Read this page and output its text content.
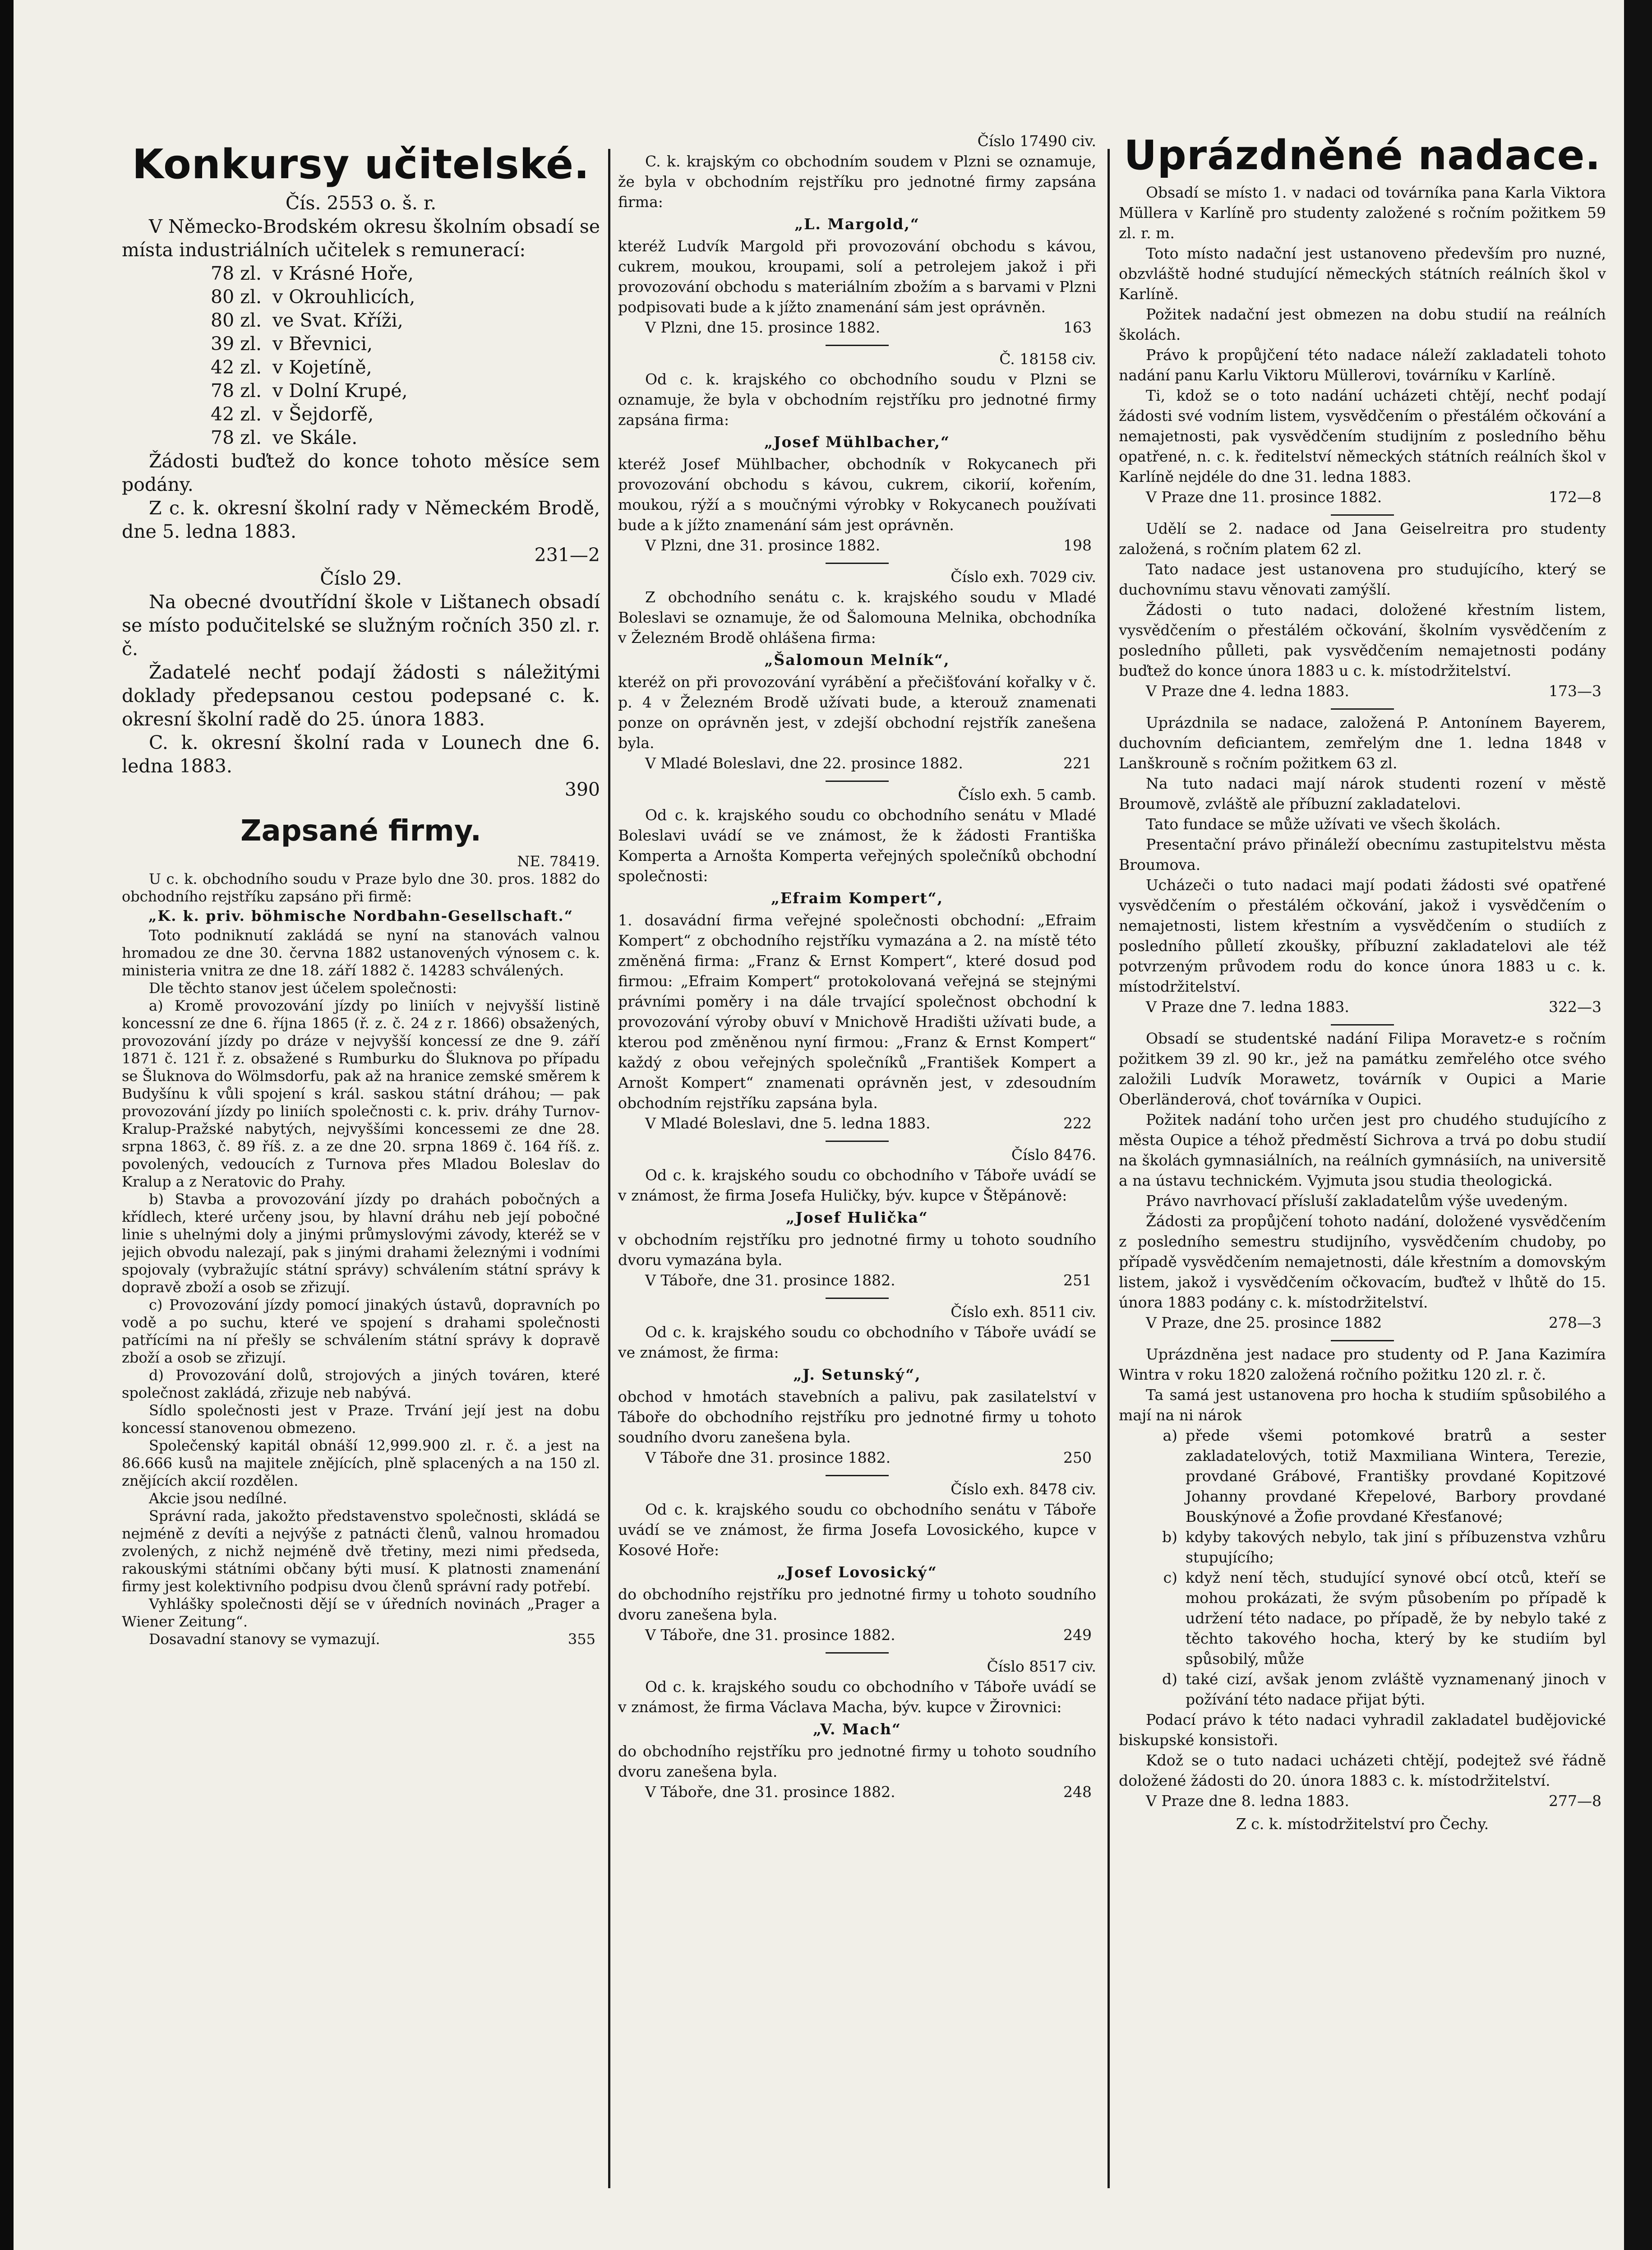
Konkursy učitelské.

Čís. 2553 o. š. r.

V Německo-Brodském okresu školním obsadí se místa industriálních učitelek s remunerací:

78 zl. v Krásné Hoře,
80 zl. v Okrouhlicích,
80 zl. ve Svat. Kříži,
39 zl. v Břevnici,
42 zl. v Kojetíně,
78 zl. v Dolní Krupé,
42 zl. v Šejdorfě,
78 zl. ve Skále.

Žádosti buďtež do konce tohoto měsíce sem podány.

Z c. k. okresní školní rady v Německém Brodě, dne 5. ledna 1883.

231—2

Číslo 29.

Na obecné dvoutřídní škole v Lištanech obsadí se místo podučitelské se služným ročních 350 zl. r. č.

Žadatelé nechť podají žádosti s náležitými doklady předepsanou cestou podepsané c. k. okresní školní radě do 25. února 1883.

C. k. okresní školní rada v Lounech dne 6. ledna 1883.

390

Zapsané firmy.

NE. 78419.

U c. k. obchodního soudu v Praze bylo dne 30. pros. 1882 do obchodního rejstříku zapsáno při firmě:

„K. k. priv. böhmische Nordbahn-Gesellschaft.“

Toto podniknutí zakládá se nyní na stanovách valnou hromadou ze dne 30. června 1882 ustanovených výnosem c. k. ministeria vnitra ze dne 18. září 1882 č. 14283 schválených.

Dle těchto stanov jest účelem společnosti:

a) Kromě provozování jízdy po liniích v nejvyšší listině koncessní ze dne 6. října 1865 (ř. z. č. 24 z r. 1866) obsažených, provozování jízdy po dráze v nejvyšší koncessí ze dne 9. září 1871 č. 121 ř. z. obsažené s Rumburku do Šluknova po případu se Šluknova do Wölmsdorfu, pak až na hranice zemské směrem k Budyšínu k vůli spojení s král. saskou státní dráhou; — pak provozování jízdy po liniích společnosti c. k. priv. dráhy Turnov-Kralup-Pražské nabytých, nejvyššími koncessemi ze dne 28. srpna 1863, č. 89 říš. z. a ze dne 20. srpna 1869 č. 164 říš. z. povolených, vedoucích z Turnova přes Mladou Boleslav do Kralup a z Neratovic do Prahy.

b) Stavba a provozování jízdy po drahách pobočných a křídlech, které určeny jsou, by hlavní dráhu neb její pobočné linie s uhelnými doly a jinými průmyslovými závody, kteréž se v jejich obvodu nalezají, pak s jinými drahami železnými i vodními spojovaly (vybražujíc státní správy) schválením státní správy k dopravě zboží a osob se zřizují.

c) Provozování jízdy pomocí jinakých ústavů, dopravních po vodě a po suchu, které ve spojení s drahami společnosti patřícími na ní přešly se schválením státní správy k dopravě zboží a osob se zřizují.

d) Provozování dolů, strojových a jiných továren, které společnost zakládá, zřizuje neb nabývá.

Sídlo společnosti jest v Praze. Trvání její jest na dobu koncessí stanovenou obmezeno.

Společenský kapitál obnáší 12,999.900 zl. r. č. a jest na 86.666 kusů na majitele znějících, plně splacených a na 150 zl. znějících akcií rozdělen.

Akcie jsou nedílné.

Správní rada, jakožto představenstvo společnosti, skládá se nejméně z devíti a nejvýše z patnácti členů, valnou hromadou zvolených, z nichž nejméně dvě třetiny, mezi nimi předseda, rakouskými státními občany býti musí. K platnosti znamenání firmy jest kolektivního podpisu dvou členů správní rady potřebí.

Vyhlášky společnosti dějí se v úředních novinách „Prager a Wiener Zeitung“.

Dosavadní stanovy se vymazují.	355

Číslo 17490 civ.

C. k. krajským co obchodním soudem v Plzni se oznamuje, že byla v obchodním rejstříku pro jednotné firmy zapsána firma:

„L. Margold,“

kteréž Ludvík Margold při provozování obchodu s kávou, cukrem, moukou, kroupami, solí a petrolejem jakož i při provozování obchodu s materiálním zbožím a s barvami v Plzni podpisovati bude a k jížto znamenání sám jest oprávněn.

V Plzni, dne 15. prosince 1882.	163

Č. 18158 civ.

Od c. k. krajského co obchodního soudu v Plzni se oznamuje, že byla v obchodním rejstříku pro jednotné firmy zapsána firma:

„Josef Mühlbacher,“

kteréž Josef Mühlbacher, obchodník v Rokycanech při provozování obchodu s kávou, cukrem, cikorií, kořením, moukou, rýží a s moučnými výrobky v Rokycanech používati bude a k jížto znamenání sám jest oprávněn.

V Plzni, dne 31. prosince 1882.	198

Číslo exh. 7029 civ.

Z obchodního senátu c. k. krajského soudu v Mladé Boleslavi se oznamuje, že od Šalomouna Melnika, obchodníka v Železném Brodě ohlášena firma:

„Šalomoun Melník“,

kteréž on při provozování vyrábění a přečišťování kořalky v č. p. 4 v Železném Brodě užívati bude, a kterouž znamenati ponze on oprávněn jest, v zdejší obchodní rejstřík zanešena byla.

V Mladé Boleslavi, dne 22. prosince 1882.	221

Číslo exh. 5 camb.

Od c. k. krajského soudu co obchodního senátu v Mladé Boleslavi uvádí se ve známost, že k žádosti Františka Komperta a Arnošta Komperta veřejných společníků obchodní společnosti:

„Efraim Kompert“,

1. dosavádní firma veřejné společnosti obchodní: „Efraim Kompert“ z obchodního rejstříku vymazána a 2. na místě této změněná firma: „Franz & Ernst Kompert“, které dosud pod firmou: „Efraim Kompert“ protokolovaná veřejná se stejnými právními poměry i na dále trvající společnost obchodní k provozování výroby obuví v Mnichově Hradišti užívati bude, a kterou pod změněnou nyní firmou: „Franz & Ernst Kompert“ každý z obou veřejných společníků „František Kompert a Arnošt Kompert“ znamenati oprávněn jest, v zdesoudním obchodním rejstříku zapsána byla.

V Mladé Boleslavi, dne 5. ledna 1883.	222

Číslo 8476.

Od c. k. krajského soudu co obchodního v Táboře uvádí se v známost, že firma Josefa Huličky, býv. kupce v Štěpánově:

„Josef Hulička“

v obchodním rejstříku pro jednotné firmy u tohoto soudního dvoru vymazána byla.

V Táboře, dne 31. prosince 1882.	251

Číslo exh. 8511 civ.

Od c. k. krajského soudu co obchodního v Táboře uvádí se ve známost, že firma:

„J. Setunský“,

obchod v hmotách stavebních a palivu, pak zasilatelství v Táboře do obchodního rejstříku pro jednotné firmy u tohoto soudního dvoru zanešena byla.

V Táboře dne 31. prosince 1882.	250

Číslo exh. 8478 civ.

Od c. k. krajského soudu co obchodního senátu v Táboře uvádí se ve známost, že firma Josefa Lovosického, kupce v Kosové Hoře:

„Josef Lovosický“

do obchodního rejstříku pro jednotné firmy u tohoto soudního dvoru zanešena byla.

V Táboře, dne 31. prosince 1882.	249

Číslo 8517 civ.

Od c. k. krajského soudu co obchodního v Táboře uvádí se v známost, že firma Václava Macha, býv. kupce v Žirovnici:

„V. Mach“

do obchodního rejstříku pro jednotné firmy u tohoto soudního dvoru zanešena byla.

V Táboře, dne 31. prosince 1882.	248
Uprázdněné nadace.

Obsadí se místo 1. v nadaci od továrníka pana Karla Viktora Müllera v Karlíně pro studenty založené s ročním požitkem 59 zl. r. m.

Toto místo nadační jest ustanoveno především pro nuzné, obzvláště hodné studující německých státních reálních škol v Karlíně.

Požitek nadační jest obmezen na dobu studií na reálních školách.

Právo k propůjčení této nadace náleží zakladateli tohoto nadání panu Karlu Viktoru Müllerovi, továrníku v Karlíně.

Ti, kdož se o toto nadání ucházeti chtějí, nechť podají žádosti své vodním listem, vysvědčením o přestálém očkování a nemajetnosti, pak vysvědčením studijním z posledního běhu opatřené, n. c. k. ředitelství německých státních reálních škol v Karlíně nejdéle do dne 31. ledna 1883.

V Praze dne 11. prosince 1882.	172—8

Udělí se 2. nadace od Jana Geiselreitra pro studenty založená, s ročním platem 62 zl.

Tato nadace jest ustanovena pro studujícího, který se duchovnímu stavu věnovati zamýšlí.

Žádosti o tuto nadaci, doložené křestním listem, vysvědčením o přestálém očkování, školním vysvědčením z posledního půlleti, pak vysvědčením nemajetnosti podány buďtež do konce února 1883 u c. k. místodržitelství.

V Praze dne 4. ledna 1883.	173—3

Uprázdnila se nadace, založená P. Antonínem Bayerem, duchovním deficiantem, zemřelým dne 1. ledna 1848 v Lanškrouně s ročním požitkem 63 zl.

Na tuto nadaci mají nárok studenti rození v městě Broumově, zvláště ale příbuzní zakladatelovi.

Tato fundace se může užívati ve všech školách.

Presentační právo přináleží obecnímu zastupitelstvu města Broumova.

Ucházeči o tuto nadaci mají podati žádosti své opatřené vysvědčením o přestálém očkování, jakož i vysvědčením o nemajetnosti, listem křestním a vysvědčením o studiích z posledního půlletí zkoušky, příbuzní zakladatelovi ale též potvrzeným průvodem rodu do konce února 1883 u c. k. místodržitelství.

V Praze dne 7. ledna 1883.	322—3

Obsadí se studentské nadání Filipa Moravetz-e s ročním požitkem 39 zl. 90 kr., jež na památku zemřelého otce svého založili Ludvík Morawetz, továrník v Oupici a Marie Oberländerová, choť továrníka v Oupici.

Požitek nadání toho určen jest pro chudého studujícího z města Oupice a téhož předměstí Sichrova a trvá po dobu studií na školách gymnasiálních, na reálních gymnásiích, na universitě a na ústavu technickém. Vyjmuta jsou studia theologická.

Právo navrhovací přísluší zakladatelům výše uvedeným.

Žádosti za propůjčení tohoto nadání, doložené vysvědčením z posledního semestru studijního, vysvědčením chudoby, po případě vysvědčením nemajetnosti, dále křestním a domovským listem, jakož i vysvědčením očkovacím, buďtež v lhůtě do 15. února 1883 podány c. k. místodržitelství.

V Praze, dne 25. prosince 1882	278—3

Uprázdněna jest nadace pro studenty od P. Jana Kazimíra Wintra v roku 1820 založená ročního požitku 120 zl. r. č.

Ta samá jest ustanovena pro hocha k studiím spůsobilého a mají na ni nárok

a) přede všemi potomkové bratrů a sester zakladatelových, totiž Maxmiliana Wintera, Terezie, provdané Grábové, Františky provdané Kopitzové Johanny provdané Křepelové, Barbory provdané Bouskýnové a Žofie provdané Křesťanové;
b) kdyby takových nebylo, tak jiní s příbuzenstva vzhůru stupujícího;
c) když není těch, studující synové obcí otců, kteří se mohou prokázati, že svým působením po případě k udržení této nadace, po případě, že by nebylo také z těchto takového hocha, který by ke studiím byl spůsobilý, může
d) také cizí, avšak jenom zvláště vyznamenaný jinoch v požívání této nadace přijat býti.

Podací právo k této nadaci vyhradil zakladatel budějovické biskupské konsistoři.

Kdož se o tuto nadaci ucházeti chtějí, podejtež své řádně doložené žádosti do 20. února 1883 c. k. místodržitelství.

V Praze dne 8. ledna 1883.	277—8

Z c. k. místodržitelství pro Čechy.
